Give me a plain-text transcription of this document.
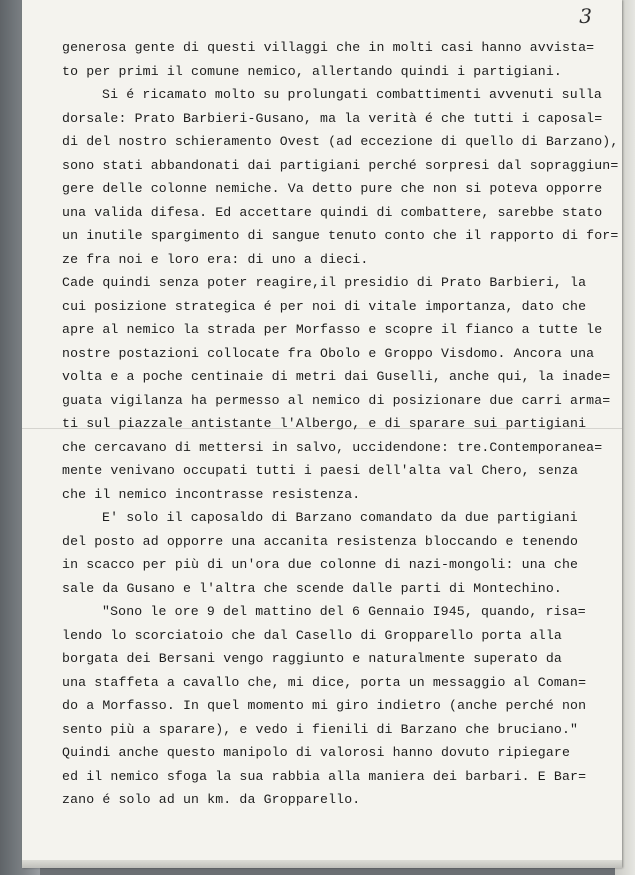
3
generosa gente di questi villaggi che in molti casi hanno avvista=
to per primi il comune nemico, allertando quindi i partigiani.
Si é ricamato molto su prolungati combattimenti avvenuti sulla
dorsale: Prato Barbieri-Gusano, ma la verità é che tutti i caposal=
di del nostro schieramento Ovest (ad eccezione di quello di Barzano),
sono stati abbandonati dai partigiani perché sorpresi dal sopraggiun=
gere delle colonne nemiche. Va detto pure che non si poteva opporre
una valida difesa. Ed accettare quindi di combattere, sarebbe stato
un inutile spargimento di sangue tenuto conto che il rapporto di for=
ze fra noi e loro era: di uno a dieci.
Cade quindi senza poter reagire,il presidio di Prato Barbieri, la
cui posizione strategica é per noi di vitale importanza, dato che
apre al nemico la strada per Morfasso e scopre il fianco a tutte le
nostre postazioni collocate fra Obolo e Groppo Visdomo. Ancora una
volta e a poche centinaie di metri dai Guselli, anche qui, la inade=
guata vigilanza ha permesso al nemico di posizionare due carri arma=
ti sul piazzale antistante l'Albergo, e di sparare sui partigiani
che cercavano di mettersi in salvo, uccidendone: tre.Contemporanea=
mente venivano occupati tutti i paesi dell'alta val Chero, senza
che il nemico incontrasse resistenza.
E' solo il caposaldo di Barzano comandato da due partigiani
del posto ad opporre una accanita resistenza bloccando e tenendo
in scacco per più di un'ora due colonne di nazi-mongoli: una che
sale da Gusano e l'altra che scende dalle parti di Montechino.
"Sono le ore 9 del mattino del 6 Gennaio I945, quando, risa=
lendo lo scorciatoio che dal Casello di Gropparello porta alla
borgata dei Bersani vengo raggiunto e naturalmente superato da
una staffeta a cavallo che, mi dice, porta un messaggio al Coman=
do a Morfasso. In quel momento mi giro indietro (anche perché non
sento più a sparare), e vedo i fienili di Barzano che bruciano."
Quindi anche questo manipolo di valorosi hanno dovuto ripiegare
ed il nemico sfoga la sua rabbia alla maniera dei barbari. E Bar=
zano é solo ad un km. da Gropparello.
